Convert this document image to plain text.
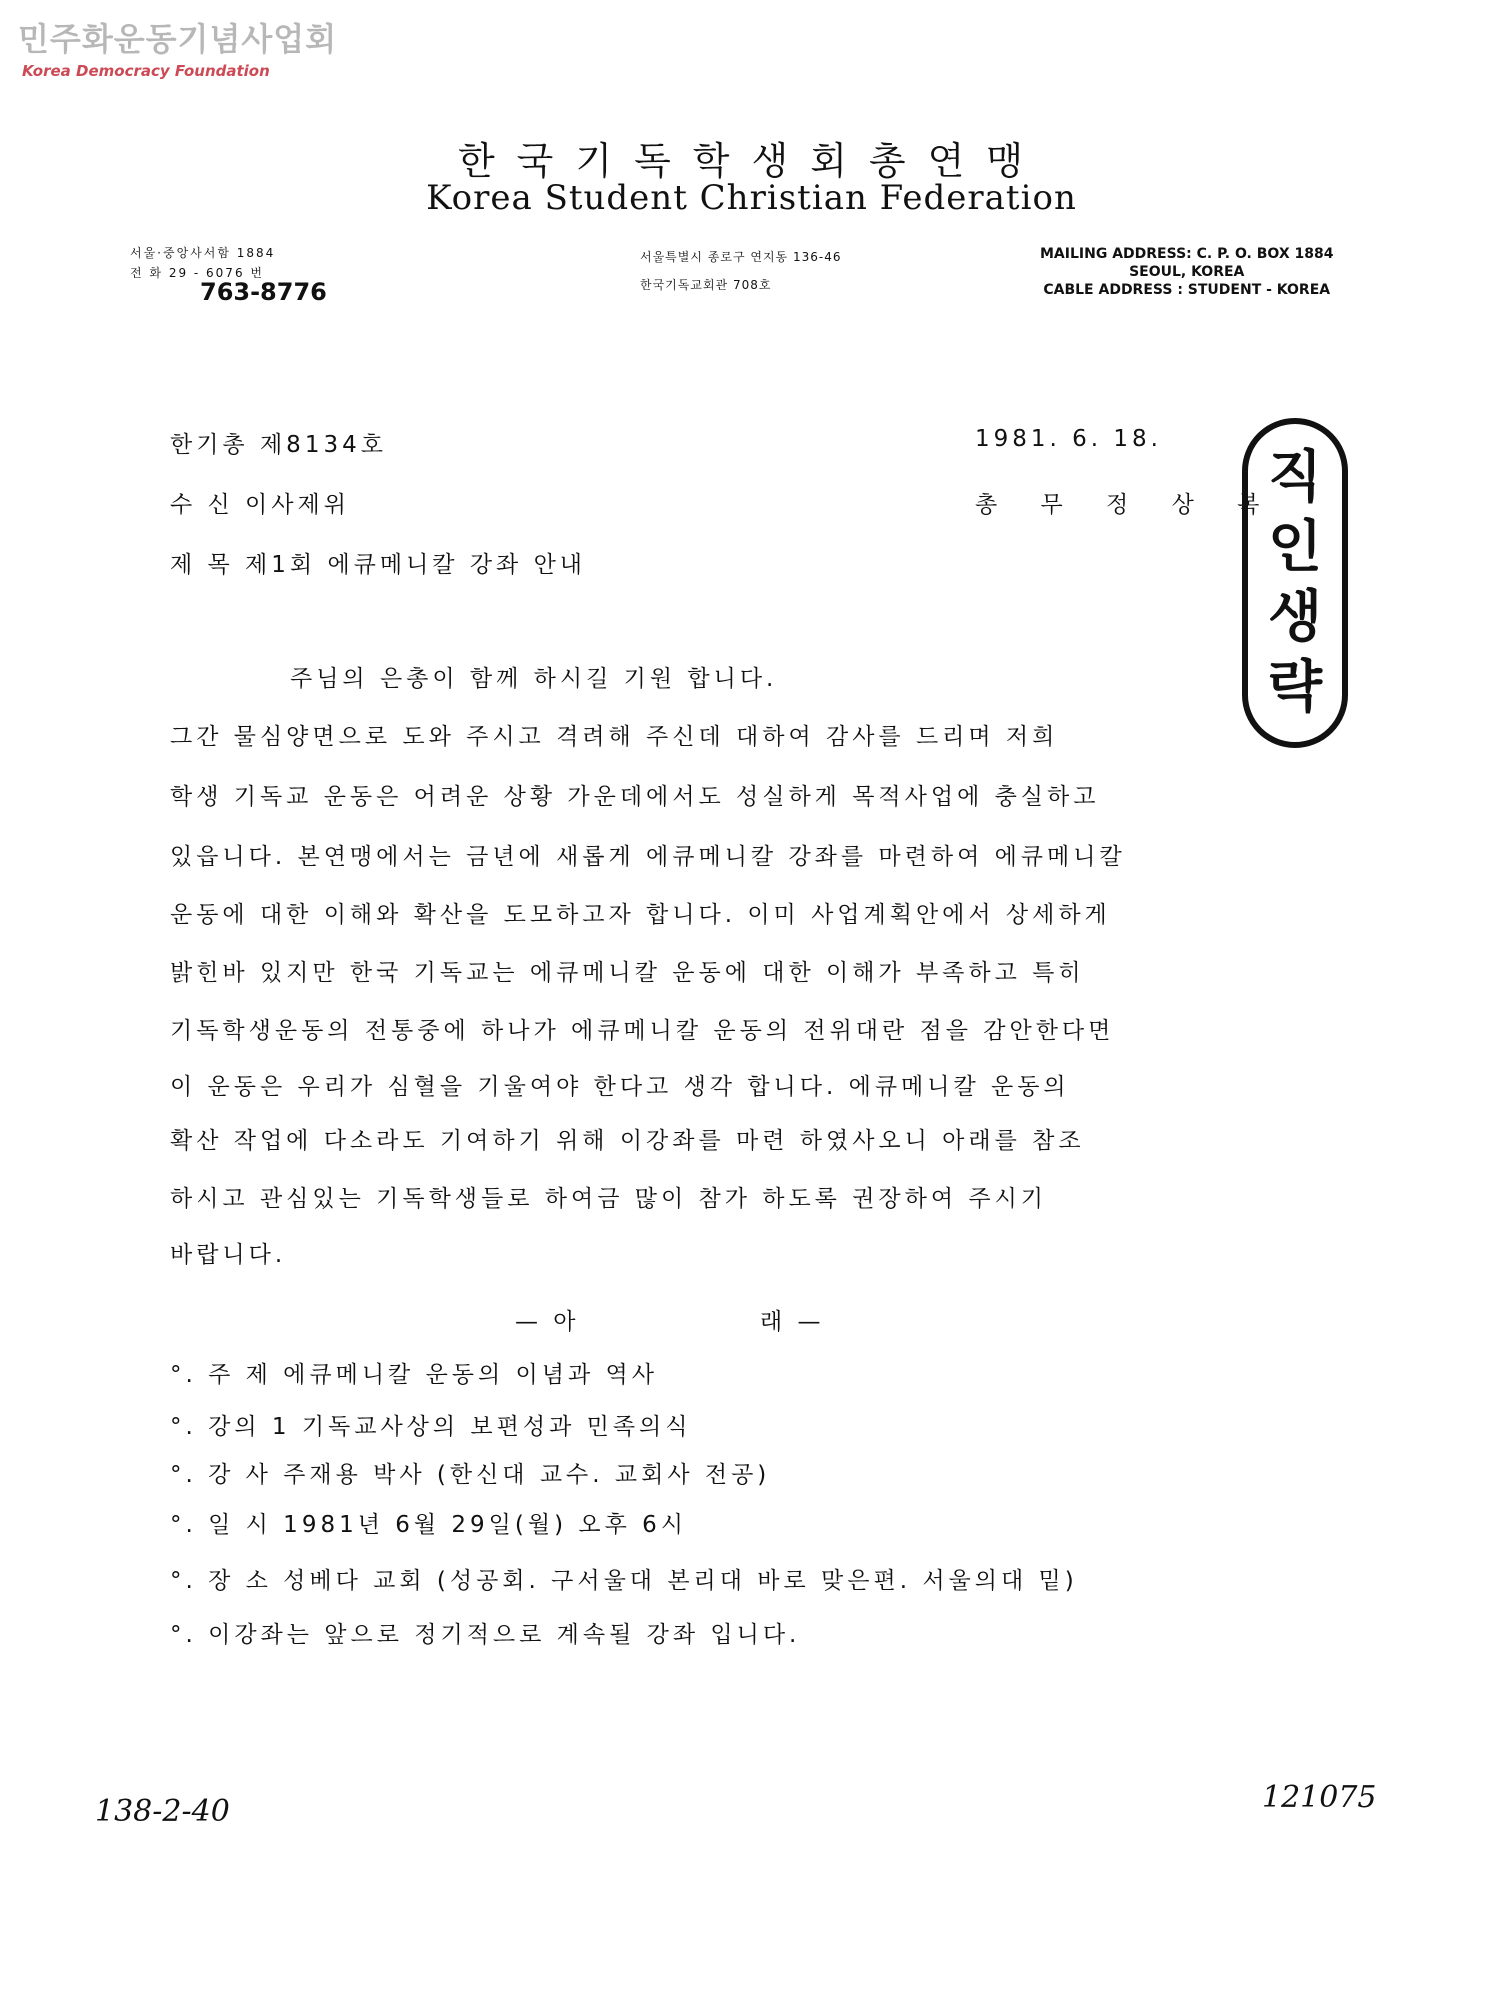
민주화운동기념사업회
Korea Democracy Foundation
한국기독학생회총연맹
Korea Student Christian Federation
서울·중앙사서함 1884
전 화 29 - 6076 번
763-8776
서울특별시 종로구 연지동 136-46
한국기독교회관 708호
MAILING ADDRESS: C. P. O. BOX 1884
SEOUL, KOREA
CABLE ADDRESS : STUDENT - KOREA
한기총 제8134호	1981. 6. 18.
수 신 이사제위	총 무 정 상 복
제 목 제1회 에큐메니칼 강좌 안내
직
인
생
략
주님의 은총이 함께 하시길 기원 합니다.
그간 물심양면으로 도와 주시고 격려해 주신데 대하여 감사를 드리며 저희
학생 기독교 운동은 어려운 상황 가운데에서도 성실하게 목적사업에 충실하고
있읍니다. 본연맹에서는 금년에 새롭게 에큐메니칼 강좌를 마련하여 에큐메니칼
운동에 대한 이해와 확산을 도모하고자 합니다. 이미 사업계획안에서 상세하게
밝힌바 있지만 한국 기독교는 에큐메니칼 운동에 대한 이해가 부족하고 특히
기독학생운동의 전통중에 하나가 에큐메니칼 운동의 전위대란 점을 감안한다면
이 운동은 우리가 심혈을 기울여야 한다고 생각 합니다. 에큐메니칼 운동의
확산 작업에 다소라도 기여하기 위해 이강좌를 마련 하였사오니 아래를 참조
하시고 관심있는 기독학생들로 하여금 많이 참가 하도록 권장하여 주시기
바랍니다.
— 아	래 —
°. 주 제 에큐메니칼 운동의 이념과 역사
°. 강의 1 기독교사상의 보편성과 민족의식
°. 강 사 주재용 박사 (한신대 교수. 교회사 전공)
°. 일 시 1981년 6월 29일(월) 오후 6시
°. 장 소 성베다 교회 (성공회. 구서울대 본리대 바로 맞은편. 서울의대 밑)
°. 이강좌는 앞으로 정기적으로 계속될 강좌 입니다.
138-2-40	121075
